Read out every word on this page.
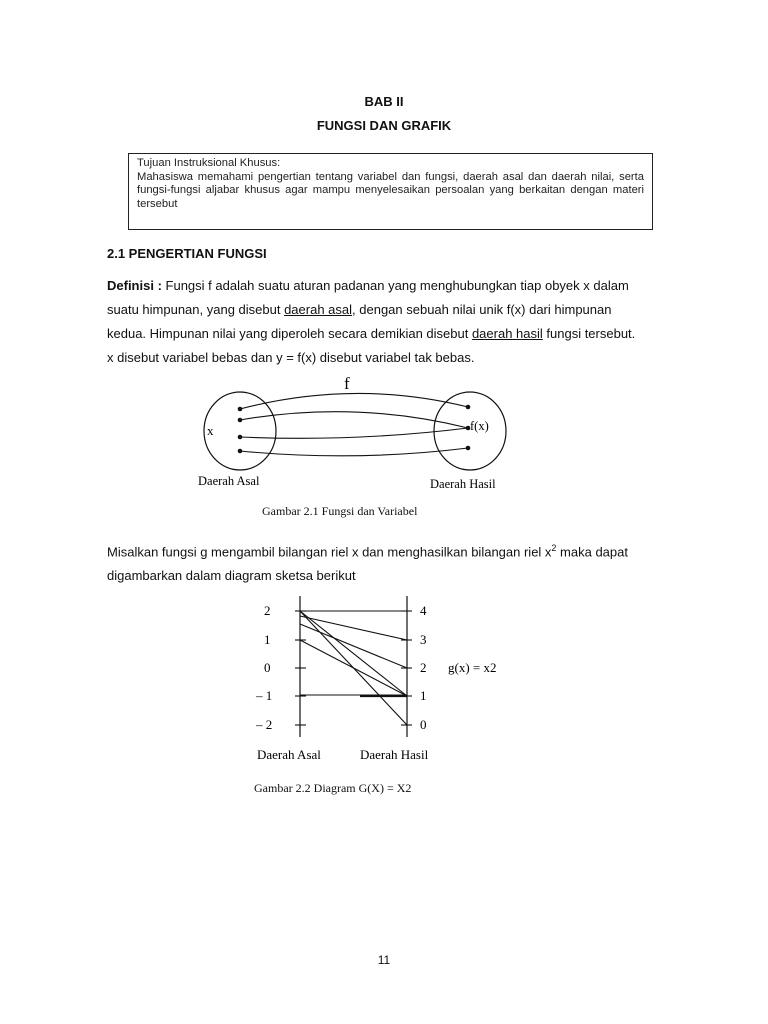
BAB II
FUNGSI DAN GRAFIK
Tujuan Instruksional Khusus:
Mahasiswa memahami pengertian tentang variabel dan fungsi, daerah asal dan daerah nilai, serta fungsi-fungsi aljabar khusus agar mampu menyelesaikan persoalan yang berkaitan dengan materi tersebut
2.1 PENGERTIAN FUNGSI
Definisi : Fungsi f adalah suatu aturan padanan yang menghubungkan tiap obyek x dalam
suatu himpunan, yang disebut daerah asal, dengan sebuah nilai unik f(x) dari himpunan
kedua. Himpunan nilai yang diperoleh secara demikian disebut daerah hasil fungsi tersebut.
x disebut variabel bebas dan y = f(x) disebut variabel tak bebas.
f
x	f(x)
Daerah Asal	Daerah Hasil
Gambar 2.1 Fungsi dan Variabel
Misalkan fungsi g mengambil bilangan riel x dan menghasilkan bilangan riel $x^2$ maka dapat
digambarkan dalam diagram sketsa berikut
2
1
0
– 1
– 2
4
3
2
1
0
g(x) = x2
Daerah Asal	Daerah Hasil
Gambar 2.2 Diagram G(X) = X2
11
